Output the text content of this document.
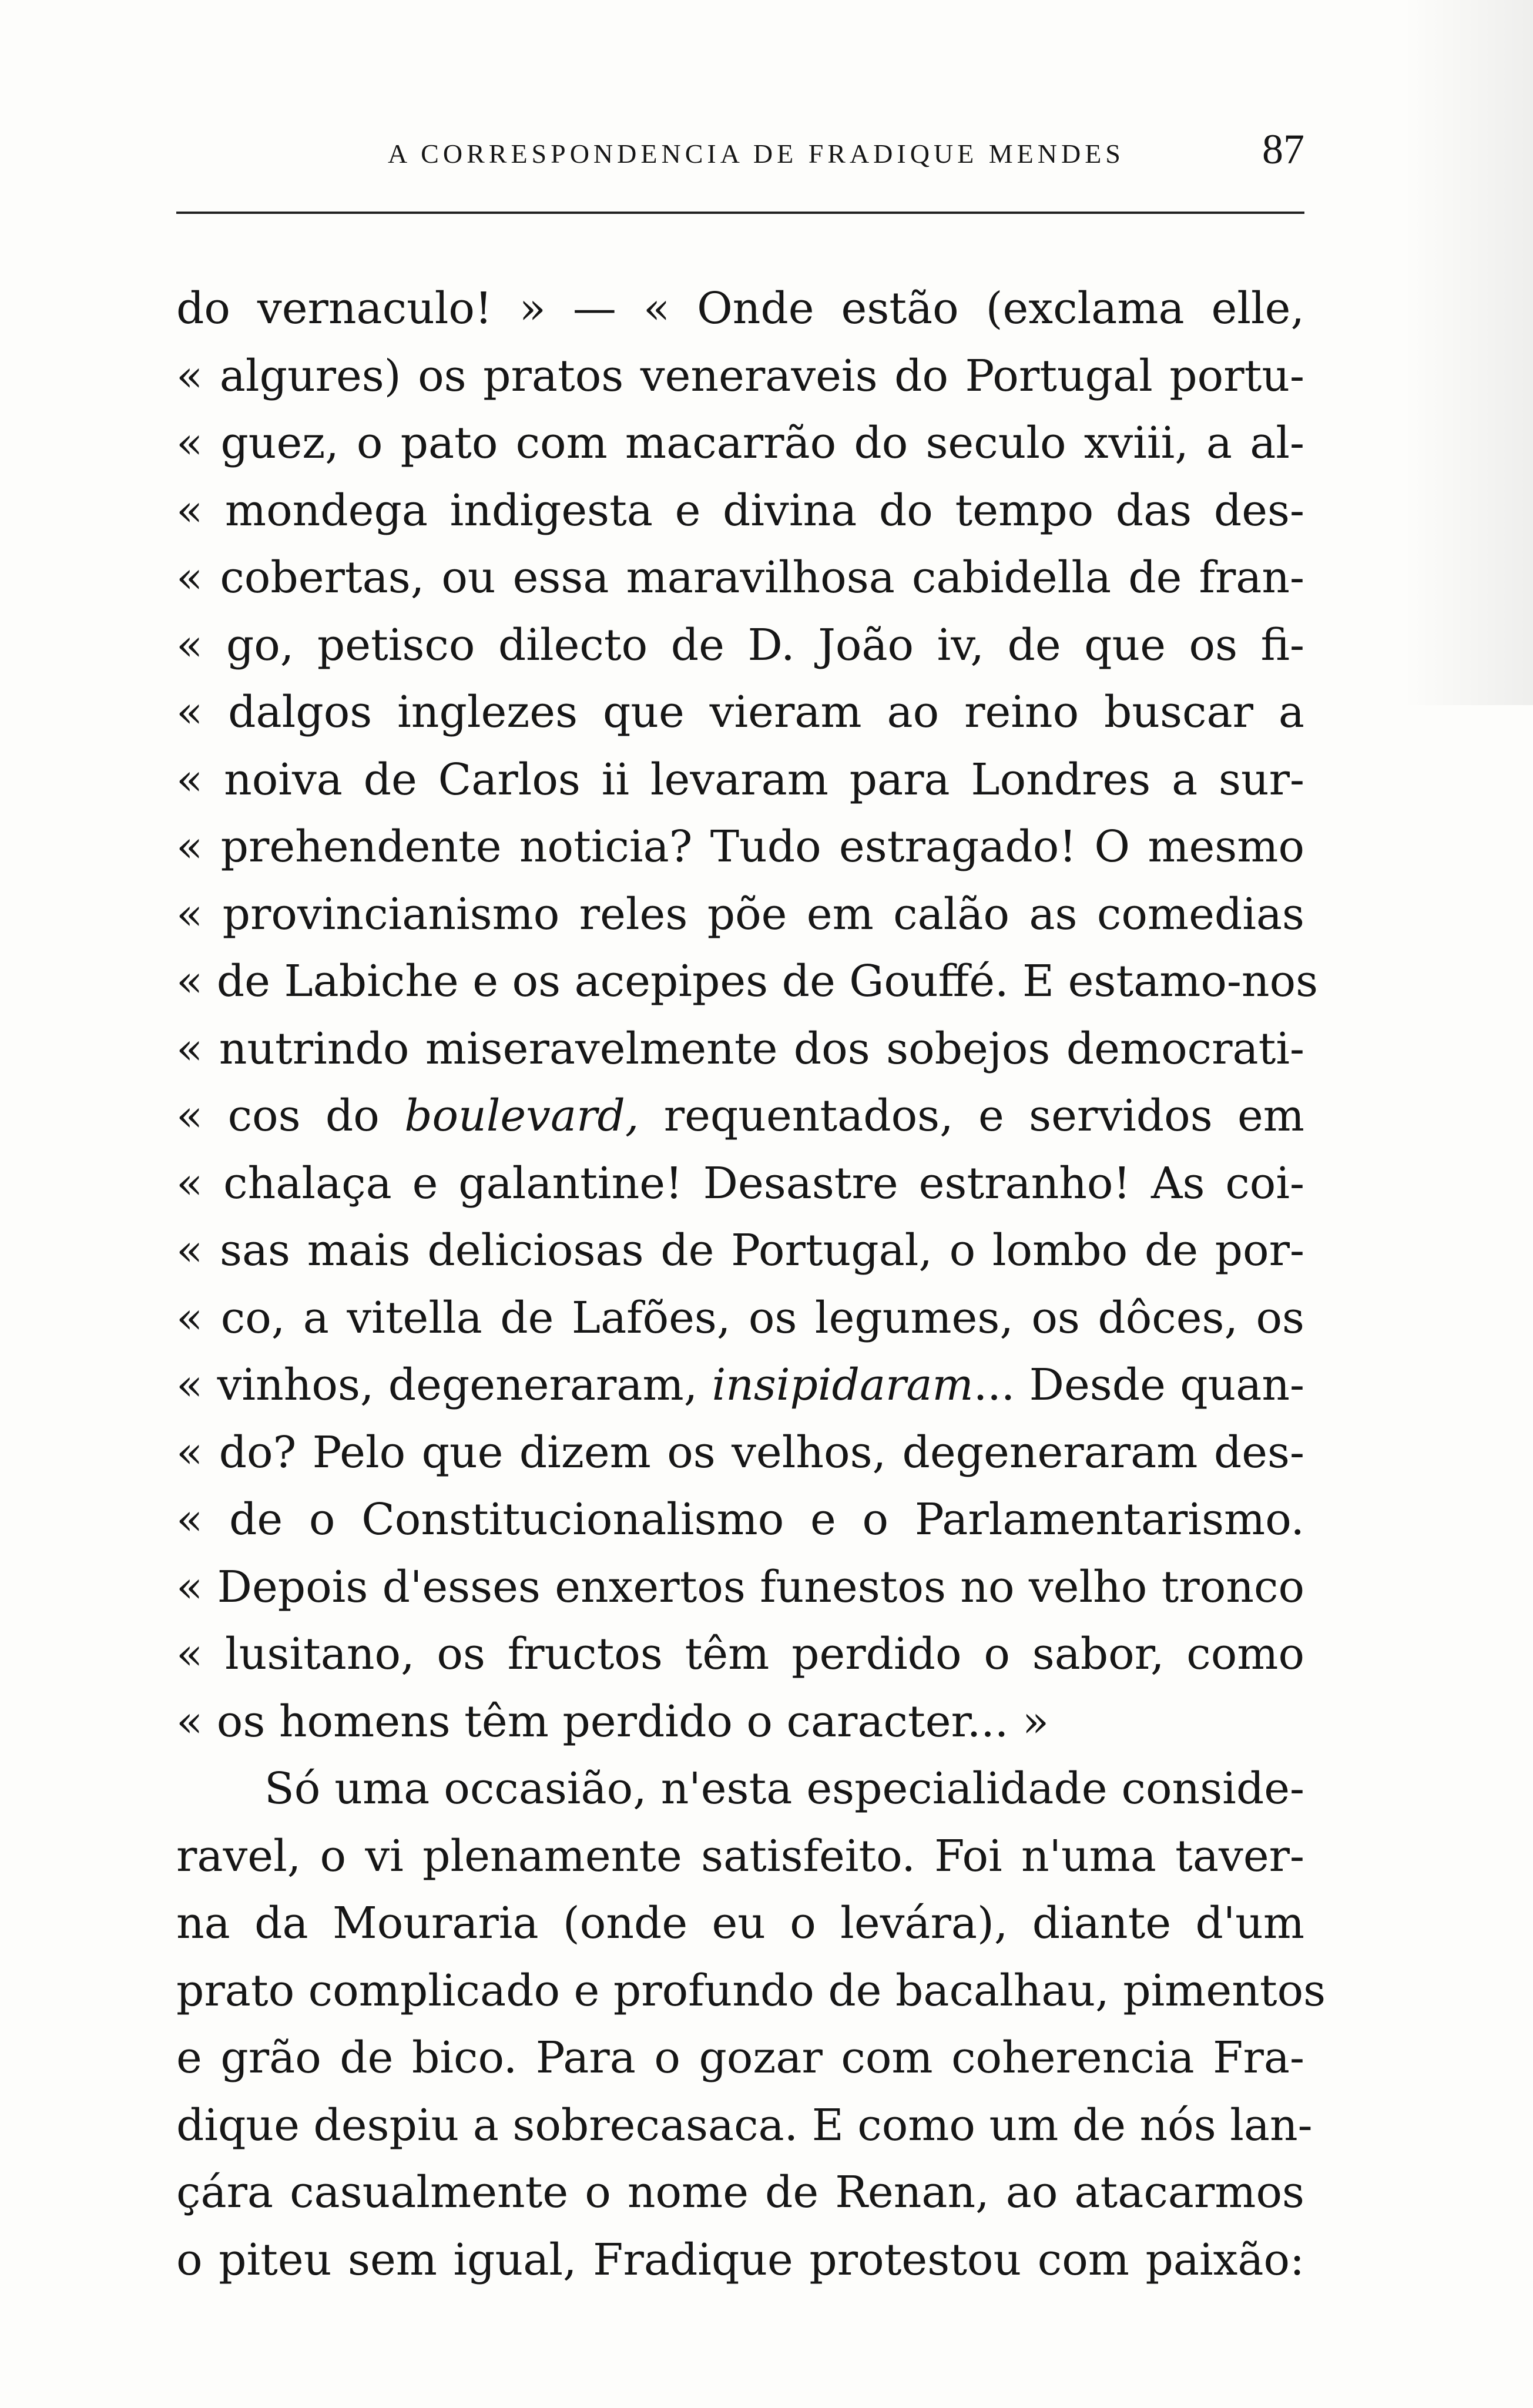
A CORRESPONDENCIA DE FRADIQUE MENDES	87
do vernaculo! » — « Onde estão (exclama elle,
« algures) os pratos veneraveis do Portugal portu-
« guez, o pato com macarrão do seculo xviii, a al-
« mondega indigesta e divina do tempo das des-
« cobertas, ou essa maravilhosa cabidella de fran-
« go, petisco dilecto de D. João iv, de que os fi-
« dalgos inglezes que vieram ao reino buscar a
« noiva de Carlos ii levaram para Londres a sur-
« prehendente noticia? Tudo estragado! O mesmo
« provincianismo reles põe em calão as comedias
« de Labiche e os acepipes de Gouffé. E estamo-nos
« nutrindo miseravelmente dos sobejos democrati-
« cos do boulevard, requentados, e servidos em
« chalaça e galantine! Desastre estranho! As coi-
« sas mais deliciosas de Portugal, o lombo de por-
« co, a vitella de Lafões, os legumes, os dôces, os
« vinhos, degeneraram, insipidaram... Desde quan-
« do? Pelo que dizem os velhos, degeneraram des-
« de o Constitucionalismo e o Parlamentarismo.
« Depois d'esses enxertos funestos no velho tronco
« lusitano, os fructos têm perdido o sabor, como
« os homens têm perdido o caracter... »
Só uma occasião, n'esta especialidade conside-
ravel, o vi plenamente satisfeito. Foi n'uma taver-
na da Mouraria (onde eu o levára), diante d'um
prato complicado e profundo de bacalhau, pimentos
e grão de bico. Para o gozar com coherencia Fra-
dique despiu a sobrecasaca. E como um de nós lan-
çára casualmente o nome de Renan, ao atacarmos
o piteu sem igual, Fradique protestou com paixão:
